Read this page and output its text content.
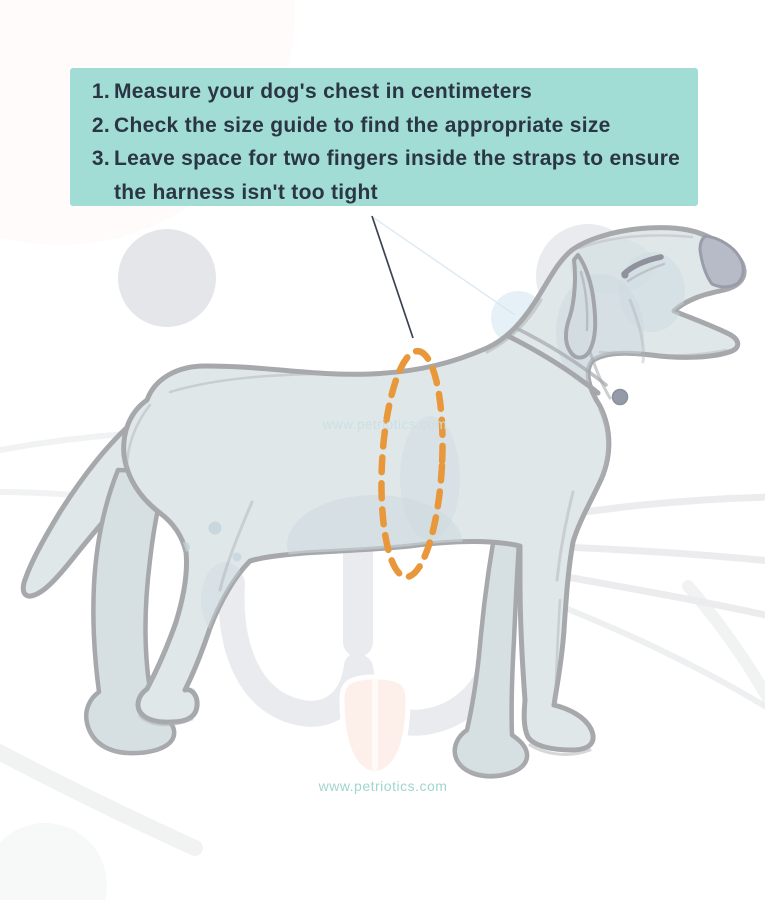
www.petriotics.com
www.petriotics.com
1. Measure your dog's chest in centimeters
2. Check the size guide to find the appropriate size
3. Leave space for two fingers inside the straps to ensure the harness isn't too tight
